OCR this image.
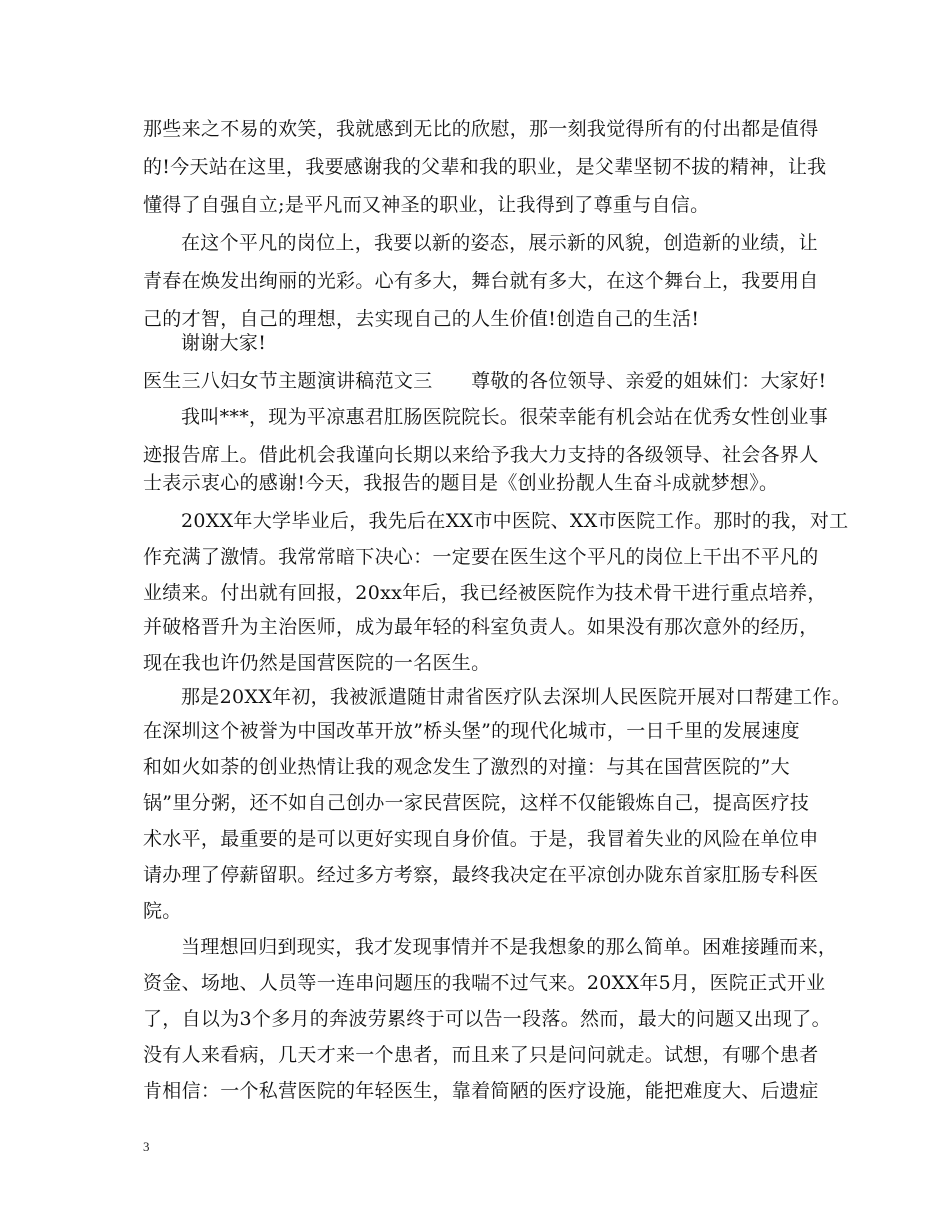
那些来之不易的欢笑，我就感到无比的欣慰，那一刻我觉得所有的付出都是值得
的!今天站在这里，我要感谢我的父辈和我的职业，是父辈坚韧不拔的精神，让我
懂得了自强自立;是平凡而又神圣的职业，让我得到了尊重与自信。
在这个平凡的岗位上，我要以新的姿态，展示新的风貌，创造新的业绩，让
青春在焕发出绚丽的光彩。心有多大，舞台就有多大，在这个舞台上，我要用自
己的才智，自己的理想，去实现自己的人生价值!创造自己的生活!
谢谢大家!
医生三八妇女节主题演讲稿范文三　　尊敬的各位领导、亲爱的姐妹们：大家好!
我叫***，现为平凉惠君肛肠医院院长。很荣幸能有机会站在优秀女性创业事
迹报告席上。借此机会我谨向长期以来给予我大力支持的各级领导、社会各界人
士表示衷心的感谢!今天，我报告的题目是《创业扮靓人生奋斗成就梦想》。
20XX年大学毕业后，我先后在XX市中医院、XX市医院工作。那时的我，对工
作充满了激情。我常常暗下决心：一定要在医生这个平凡的岗位上干出不平凡的
业绩来。付出就有回报，20xx年后，我已经被医院作为技术骨干进行重点培养，
并破格晋升为主治医师，成为最年轻的科室负责人。如果没有那次意外的经历，
现在我也许仍然是国营医院的一名医生。
那是20XX年初，我被派遣随甘肃省医疗队去深圳人民医院开展对口帮建工作。
在深圳这个被誉为中国改革开放”桥头堡”的现代化城市，一日千里的发展速度
和如火如荼的创业热情让我的观念发生了激烈的对撞：与其在国营医院的”大
锅”里分粥，还不如自己创办一家民营医院，这样不仅能锻炼自己，提高医疗技
术水平，最重要的是可以更好实现自身价值。于是，我冒着失业的风险在单位申
请办理了停薪留职。经过多方考察，最终我决定在平凉创办陇东首家肛肠专科医
院。
当理想回归到现实，我才发现事情并不是我想象的那么简单。困难接踵而来，
资金、场地、人员等一连串问题压的我喘不过气来。20XX年5月，医院正式开业
了，自以为3个多月的奔波劳累终于可以告一段落。然而，最大的问题又出现了。
没有人来看病，几天才来一个患者，而且来了只是问问就走。试想，有哪个患者
肯相信：一个私营医院的年轻医生，靠着简陋的医疗设施，能把难度大、后遗症
3
